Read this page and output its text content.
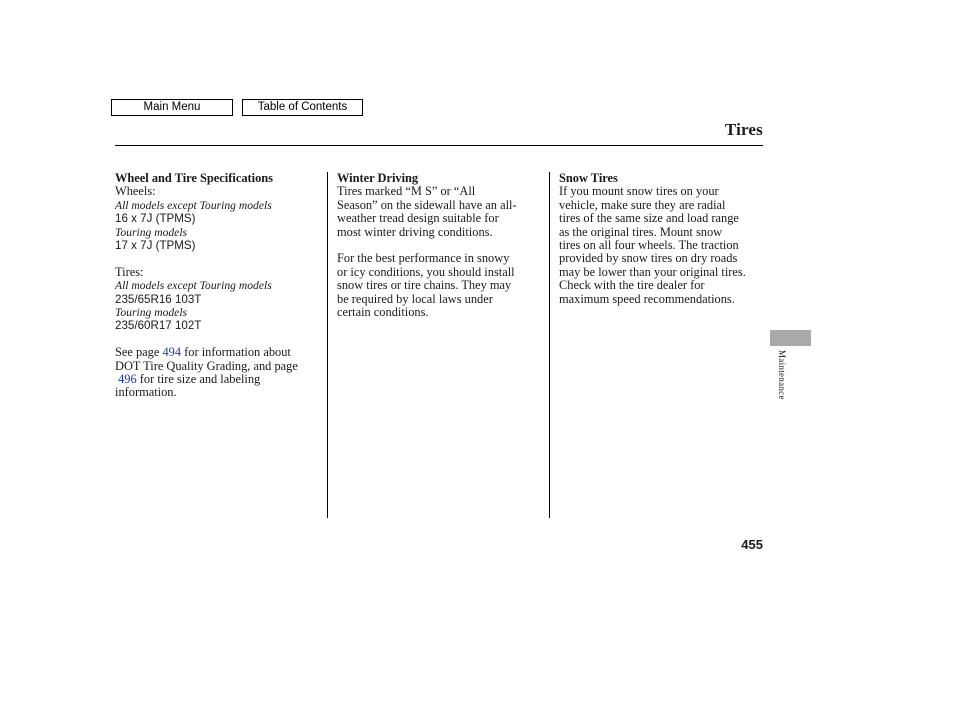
Main Menu	Table of Contents
Tires
Wheel and Tire Specifications
Wheels:
All models except Touring models
16 x 7J (TPMS)
Touring models
17 x 7J (TPMS)
Tires:
All models except Touring models
235/65R16 103T
Touring models
235/60R17 102T
See page 494 for information about
DOT Tire Quality Grading, and page
496 for tire size and labeling
information.
Winter Driving
Tires marked “M S” or “All
Season” on the sidewall have an all-
weather tread design suitable for
most winter driving conditions.
For the best performance in snowy
or icy conditions, you should install
snow tires or tire chains. They may
be required by local laws under
certain conditions.
Snow Tires
If you mount snow tires on your
vehicle, make sure they are radial
tires of the same size and load range
as the original tires. Mount snow
tires on all four wheels. The traction
provided by snow tires on dry roads
may be lower than your original tires.
Check with the tire dealer for
maximum speed recommendations.
Maintenance
455
